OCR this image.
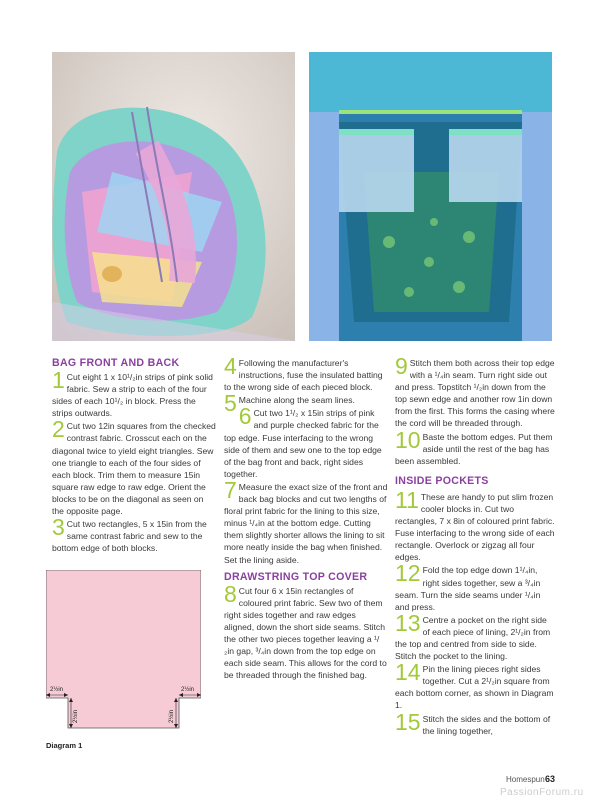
BAG FRONT AND BACK

1 Cut eight 1 x 10¹/₂in strips of pink solid fabric. Sew a strip to each of the four sides of each 10¹/₂ in block. Press the strips outwards.

2 Cut two 12in squares from the checked contrast fabric. Crosscut each on the diagonal twice to yield eight triangles. Sew one triangle to each of the four sides of each block. Trim them to measure 15in square raw edge to raw edge. Orient the blocks to be on the diagonal as seen on the opposite page.

3 Cut two rectangles, 5 x 15in from the same contrast fabric and sew to the bottom edge of both blocks.

2½in
2½in
2½in
2½in
Diagram 1

4 Following the manufacturer's instructions, fuse the insulated batting to the wrong side of each pieced block.

5 Machine along the seam lines.

6 Cut two 1¹/₂ x 15in strips of pink and purple checked fabric for the top edge. Fuse interfacing to the wrong side of them and sew one to the top edge of the bag front and back, right sides together.

7 Measure the exact size of the front and back bag blocks and cut two lengths of floral print fabric for the lining to this size, minus ¹/₄in at the bottom edge. Cutting them slightly shorter allows the lining to sit more neatly inside the bag when finished. Set the lining aside.

DRAWSTRING TOP COVER

8 Cut four 6 x 15in rectangles of coloured print fabric. Sew two of them right sides together and raw edges aligned, down the short side seams. Stitch the other two pieces together leaving a ¹/₂in gap, ³/₄in down from the top edge on each side seam. This allows for the cord to be threaded through the finished bag.

9 Stitch them both across their top edge with a ¹/₄in seam. Turn right side out and press. Topstitch ¹/₂in down from the top sewn edge and another row 1in down from the first. This forms the casing where the cord will be threaded through.

10 Baste the bottom edges. Put them aside until the rest of the bag has been assembled.

INSIDE POCKETS

11 These are handy to put slim frozen cooler blocks in. Cut two rectangles, 7 x 8in of coloured print fabric. Fuse interfacing to the wrong side of each rectangle. Overlock or zigzag all four edges.

12 Fold the top edge down 1¹/₄in, right sides together, sew a ³/₄in seam. Turn the side seams under ¹/₄in and press.

13 Centre a pocket on the right side of each piece of lining, 2¹/₂in from the top and centred from side to side. Stitch the pocket to the lining.

14 Pin the lining pieces right sides together. Cut a 2¹/₂in square from each bottom corner, as shown in Diagram 1.

15 Stitch the sides and the bottom of the lining together,

Homespun 63
PassionForum.ru
